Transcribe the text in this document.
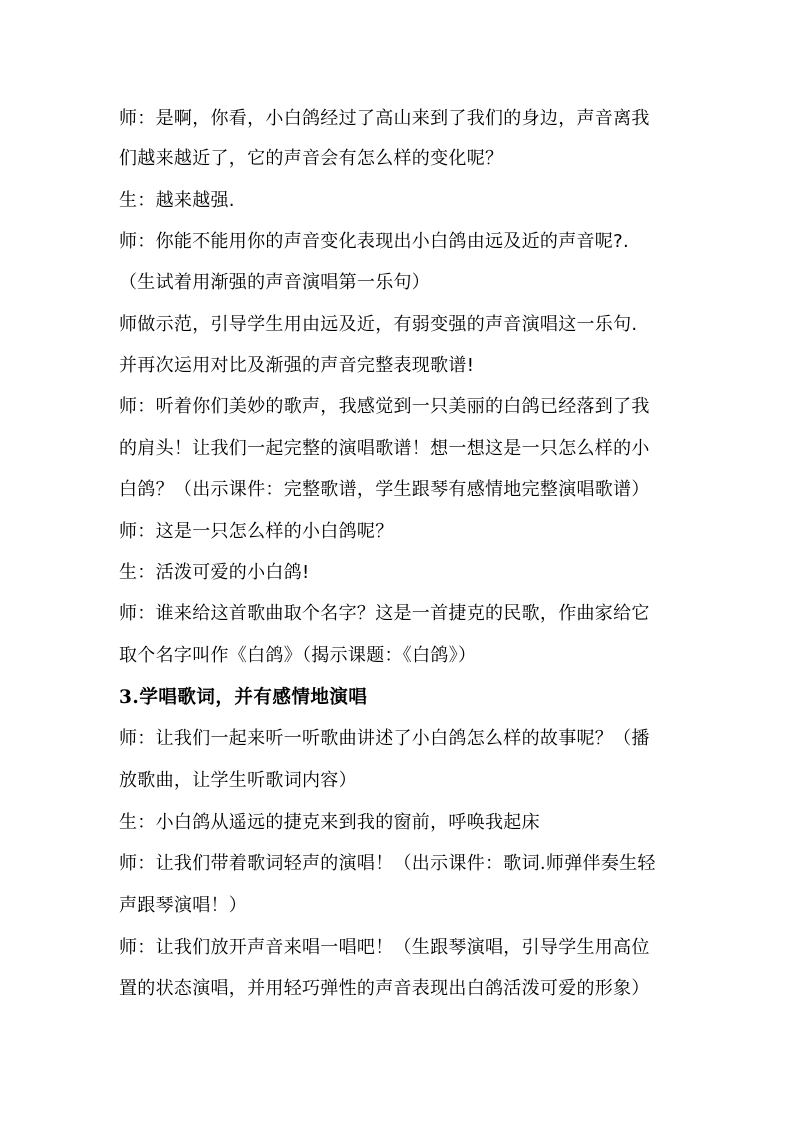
师：是啊，你看，小白鸽经过了高山来到了我们的身边，声音离我
们越来越近了，它的声音会有怎么样的变化呢？
生：越来越强.
师：你能不能用你的声音变化表现出小白鸽由远及近的声音呢?.
（生试着用渐强的声音演唱第一乐句）
师做示范，引导学生用由远及近，有弱变强的声音演唱这一乐句.
并再次运用对比及渐强的声音完整表现歌谱!
师：听着你们美妙的歌声，我感觉到一只美丽的白鸽已经落到了我
的肩头！让我们一起完整的演唱歌谱！想一想这是一只怎么样的小
白鸽？（出示课件：完整歌谱，学生跟琴有感情地完整演唱歌谱）
师：这是一只怎么样的小白鸽呢？
生：活泼可爱的小白鸽!
师：谁来给这首歌曲取个名字？这是一首捷克的民歌，作曲家给它
取个名字叫作《白鸽》（揭示课题：《白鸽》）
3.学唱歌词，并有感情地演唱
师：让我们一起来听一听歌曲讲述了小白鸽怎么样的故事呢？（播
放歌曲，让学生听歌词内容）
生：小白鸽从遥远的捷克来到我的窗前，呼唤我起床
师：让我们带着歌词轻声的演唱！（出示课件：歌词.师弹伴奏生轻
声跟琴演唱！）
师：让我们放开声音来唱一唱吧！（生跟琴演唱，引导学生用高位
置的状态演唱，并用轻巧弹性的声音表现出白鸽活泼可爱的形象）
